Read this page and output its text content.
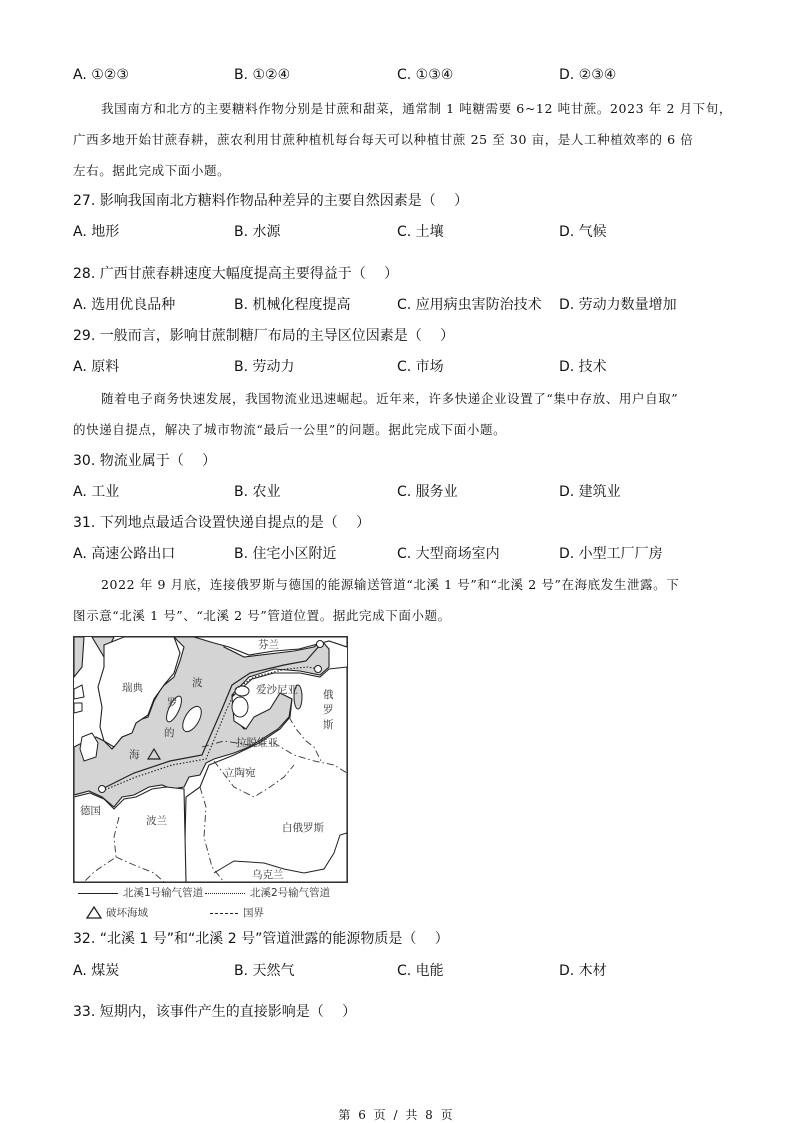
A. ①②③	B. ①②④	C. ①③④	D. ②③④
我国南方和北方的主要糖料作物分别是甘蔗和甜菜，通常制 1 吨糖需要 6~12 吨甘蔗。2023 年 2 月下旬，
广西多地开始甘蔗春耕，蔗农利用甘蔗种植机每台每天可以种植甘蔗 25 至 30 亩，是人工种植效率的 6 倍
左右。据此完成下面小题。
27. 影响我国南北方糖料作物品种差异的主要自然因素是（　 ）
A. 地形	B. 水源	C. 土壤	D. 气候
28. 广西甘蔗春耕速度大幅度提高主要得益于（　 ）
A. 选用优良品种	B. 机械化程度提高	C. 应用病虫害防治技术 D. 劳动力数量增加
29. 一般而言，影响甘蔗制糖厂布局的主导区位因素是（　 ）
A. 原料	B. 劳动力	C. 市场	D. 技术
随着电子商务快速发展，我国物流业迅速崛起。近年来，许多快递企业设置了“集中存放、用户自取”
的快递自提点，解决了城市物流“最后一公里”的问题。据此完成下面小题。
30. 物流业属于（　 ）
A. 工业	B. 农业	C. 服务业	D. 建筑业
31. 下列地点最适合设置快递自提点的是（　 ）
A. 高速公路出口	B. 住宅小区附近	C. 大型商场室内	D. 小型工厂厂房
2022 年 9 月底，连接俄罗斯与德国的能源输送管道“北溪 1 号”和“北溪 2 号”在海底发生泄露。下
图示意“北溪 1 号”、“北溪 2 号”管道位置。据此完成下面小题。
芬兰
瑞典	波
罗
的
海
爱沙尼亚 俄
罗
斯
拉脱维亚
立陶宛
德国
波兰
白俄罗斯
乌克兰
北溪1号输气管道	北溪2号输气管道
破坏海域	国界
32. “北溪 1 号”和“北溪 2 号”管道泄露的能源物质是（　 ）
A. 煤炭	B. 天然气	C. 电能	D. 木材
33. 短期内，该事件产生的直接影响是（　 ）
第 6 页 / 共 8 页
